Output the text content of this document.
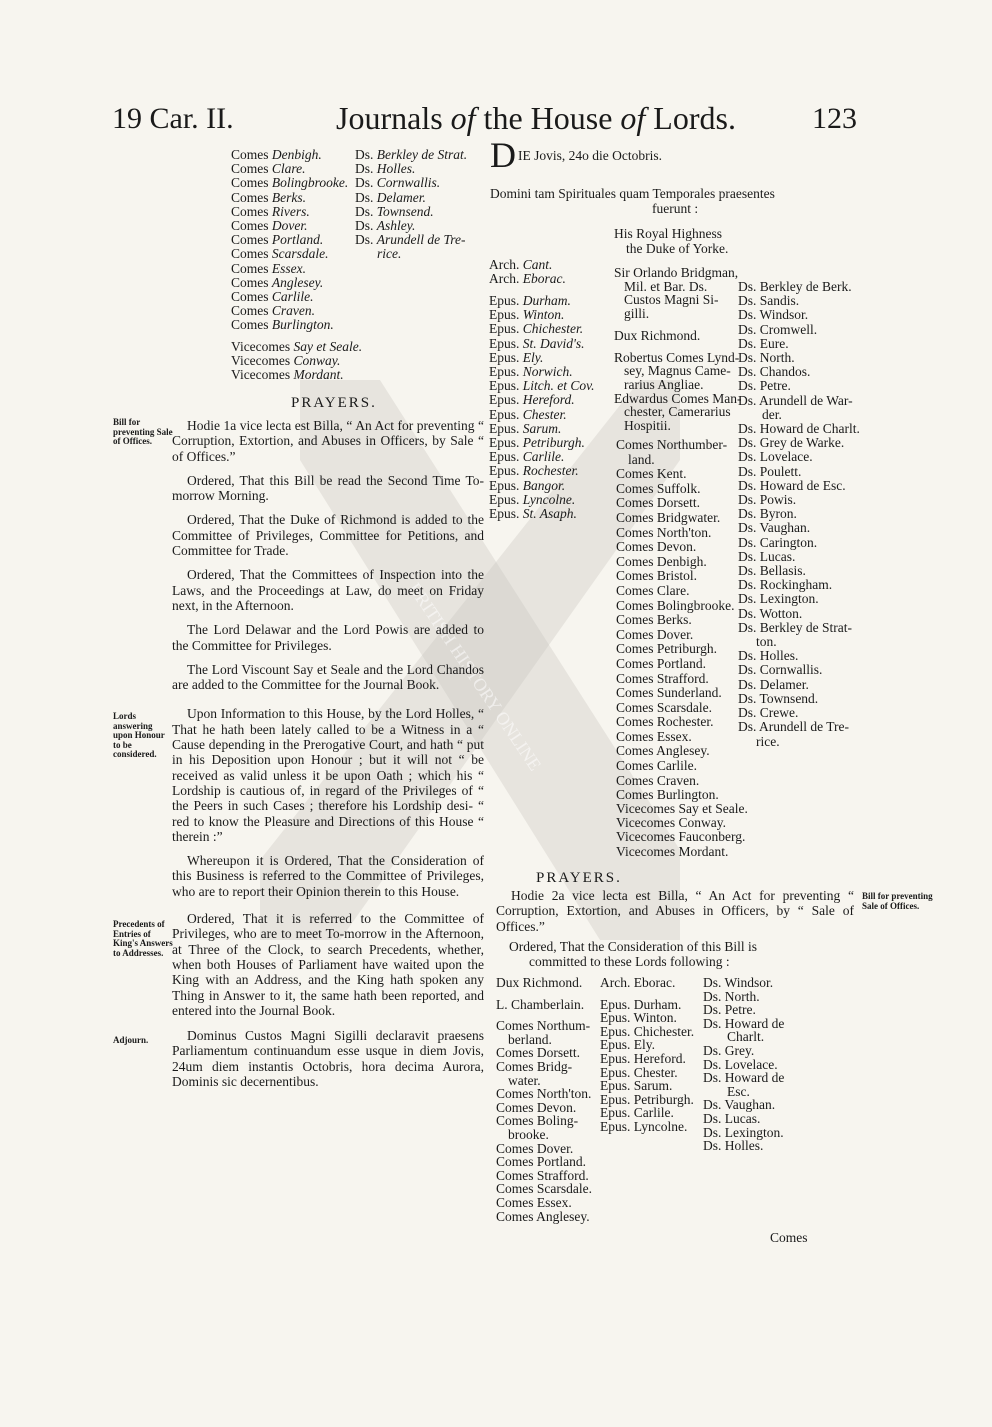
19 Car. II.	Journals of the House of Lords.	123
BRITISH HISTORY ONLINE
Comes Denbigh.
Comes Clare.
Comes Bolingbrooke.
Comes Berks.
Comes Rivers.
Comes Dover.
Comes Portland.
Comes Scarsdale.
Comes Essex.
Comes Anglesey.
Comes Carlile.
Comes Craven.
Comes Burlington.
Ds. Berkley de Strat.
Ds. Holles.
Ds. Cornwallis.
Ds. Delamer.
Ds. Townsend.
Ds. Ashley.
Ds. Arundell de Tre-
rice.
Vicecomes Say et Seale.
Vicecomes Conway.
Vicecomes Mordant.
PRAYERS.
Bill for preventing Sale of Offices.
Lords answering upon Honour to be considered.
Precedents of Entries of King's Answers to Addresses.
Adjourn.

Hodie 1a vice lecta est Billa, “ An Act for preventing “ Corruption, Extortion, and Abuses in Officers, by Sale “ of Offices.”

Ordered, That this Bill be read the Second Time To-morrow Morning.

Ordered, That the Duke of Richmond is added to the Committee of Privileges, Committee for Petitions, and Committee for Trade.

Ordered, That the Committees of Inspection into the Laws, and the Proceedings at Law, do meet on Friday next, in the Afternoon.

The Lord Delawar and the Lord Powis are added to the Committee for Privileges.

The Lord Viscount Say et Seale and the Lord Chandos are added to the Committee for the Journal Book.

Upon Information to this House, by the Lord Holles, “ That he hath been lately called to be a Witness in a “ Cause depending in the Prerogative Court, and hath “ put in his Deposition upon Honour ; but it will not “ be received as valid unless it be upon Oath ; which his “ Lordship is cautious of, in regard of the Privileges of “ the Peers in such Cases ; therefore his Lordship desi- “ red to know the Pleasure and Directions of this House “ therein :”

Whereupon it is Ordered, That the Consideration of this Business is referred to the Committee of Privileges, who are to report their Opinion therein to this House.

Ordered, That it is referred to the Committee of Privileges, who are to meet To-morrow in the Afternoon, at Three of the Clock, to search Precedents, whether, when both Houses of Parliament have waited upon the King with an Address, and the King hath spoken any Thing in Answer to it, the same hath been reported, and entered into the Journal Book.

Dominus Custos Magni Sigilli declaravit praesens Parliamentum continuandum esse usque in diem Jovis, 24um diem instantis Octobris, hora decima Aurora, Dominis sic decernentibus.

DIE Jovis, 24o die Octobris.
Domini tam Spirituales quam Temporales praesentes
fuerunt :
His Royal Highness
the Duke of Yorke.
Arch. Cant.
Arch. Eborac.
Epus. Durham.
Epus. Winton.
Epus. Chichester.
Epus. St. David's.
Epus. Ely.
Epus. Norwich.
Epus. Litch. et Cov.
Epus. Hereford.
Epus. Chester.
Epus. Sarum.
Epus. Petriburgh.
Epus. Carlile.
Epus. Rochester.
Epus. Bangor.
Epus. Lyncolne.
Epus. St. Asaph.
Sir Orlando Bridgman,
Mil. et Bar. Ds.
Custos Magni Si-
gilli.
Dux Richmond.
Robertus Comes Lynd-
sey, Magnus Came-
rarius Angliae.
Edwardus Comes Man-
chester, Camerarius
Hospitii.
Comes Northumber-
land.
Comes Kent.
Comes Suffolk.
Comes Dorsett.
Comes Bridgwater.
Comes North'ton.
Comes Devon.
Comes Denbigh.
Comes Bristol.
Comes Clare.
Comes Bolingbrooke.
Comes Berks.
Comes Dover.
Comes Petriburgh.
Comes Portland.
Comes Strafford.
Comes Sunderland.
Comes Scarsdale.
Comes Rochester.
Comes Essex.
Comes Anglesey.
Comes Carlile.
Comes Craven.
Comes Burlington.
Vicecomes Say et Seale.
Vicecomes Conway.
Vicecomes Fauconberg.
Vicecomes Mordant.
Ds. Berkley de Berk.
Ds. Sandis.
Ds. Windsor.
Ds. Cromwell.
Ds. Eure.
Ds. North.
Ds. Chandos.
Ds. Petre.
Ds. Arundell de War-
der.
Ds. Howard de Charlt.
Ds. Grey de Warke.
Ds. Lovelace.
Ds. Poulett.
Ds. Howard de Esc.
Ds. Powis.
Ds. Byron.
Ds. Vaughan.
Ds. Carington.
Ds. Lucas.
Ds. Bellasis.
Ds. Rockingham.
Ds. Lexington.
Ds. Wotton.
Ds. Berkley de Strat-
ton.
Ds. Holles.
Ds. Cornwallis.
Ds. Delamer.
Ds. Townsend.
Ds. Crewe.
Ds. Arundell de Tre-
rice.
PRAYERS.

Hodie 2a vice lecta est Billa, “ An Act for preventing “ Corruption, Extortion, and Abuses in Officers, by “ Sale of Offices.”

Bill for preventing Sale of Offices.
Ordered, That the Consideration of this Bill is
committed to these Lords following :
Dux Richmond.
L. Chamberlain.
Comes Northum-
berland.
Comes Dorsett.
Comes Bridg-
water.
Comes North'ton.
Comes Devon.
Comes Boling-
brooke.
Comes Dover.
Comes Portland.
Comes Strafford.
Comes Scarsdale.
Comes Essex.
Comes Anglesey.
Arch. Eborac.
Epus. Durham.
Epus. Winton.
Epus. Chichester.
Epus. Ely.
Epus. Hereford.
Epus. Chester.
Epus. Sarum.
Epus. Petriburgh.
Epus. Carlile.
Epus. Lyncolne.
Ds. Windsor.
Ds. North.
Ds. Petre.
Ds. Howard de
Charlt.
Ds. Grey.
Ds. Lovelace.
Ds. Howard de
Esc.
Ds. Vaughan.
Ds. Lucas.
Ds. Lexington.
Ds. Holles.
Comes
